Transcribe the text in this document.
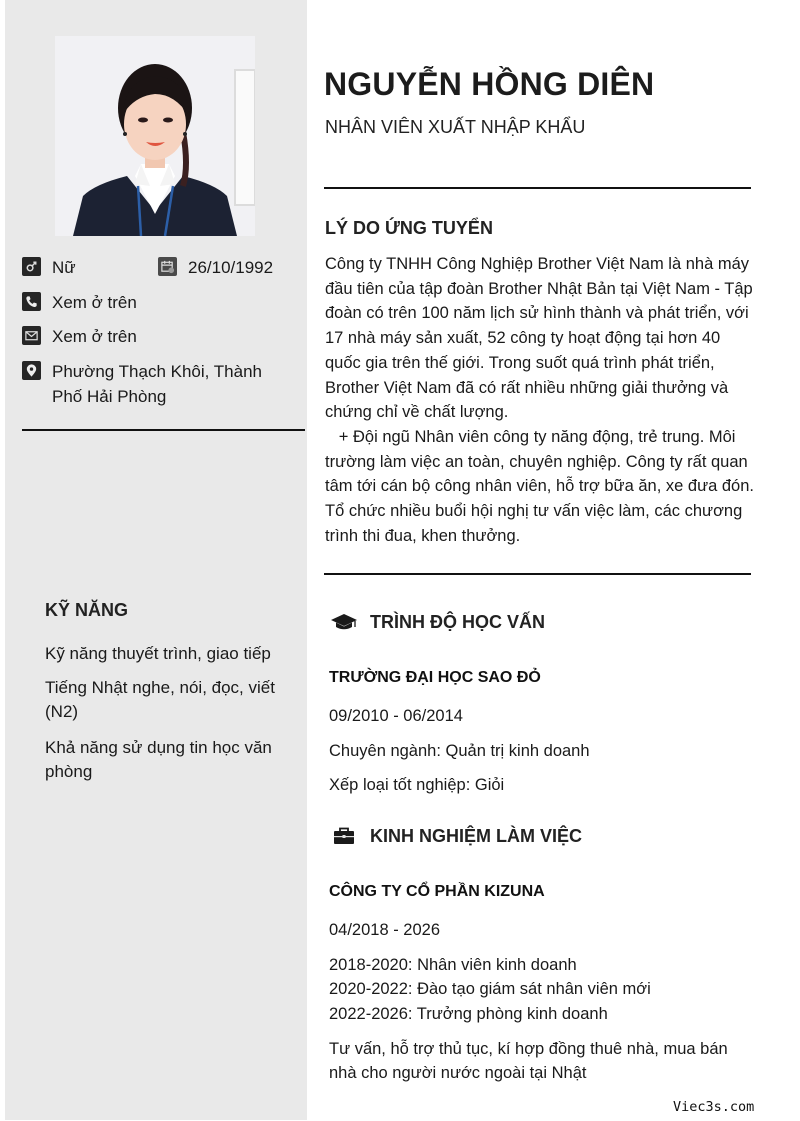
Nữ	26/10/1992
Xem ở trên
Xem ở trên
Phường Thạch Khôi, Thành Phố Hải Phòng
KỸ NĂNG
Kỹ năng thuyết trình, giao tiếp
Tiếng Nhật nghe, nói, đọc, viết (N2)
Khả năng sử dụng tin học văn phòng
NGUYỄN HỒNG DIÊN
NHÂN VIÊN XUẤT NHẬP KHẨU
LÝ DO ỨNG TUYỂN
Công ty TNHH Công Nghiệp Brother Việt Nam là nhà máy đầu tiên của tập đoàn Brother Nhật Bản tại Việt Nam - Tập đoàn có trên 100 năm lịch sử hình thành và phát triển, với 17 nhà máy sản xuất, 52 công ty hoạt động tại hơn 40 quốc gia trên thế giới. Trong suốt quá trình phát triển, Brother Việt Nam đã có rất nhiều những giải thưởng và chứng chỉ về chất lượng.
+ Đội ngũ Nhân viên công ty năng động, trẻ trung. Môi trường làm việc an toàn, chuyên nghiệp. Công ty rất quan tâm tới cán bộ công nhân viên, hỗ trợ bữa ăn, xe đưa đón. Tổ chức nhiều buổi hội nghị tư vấn việc làm, các chương trình thi đua, khen thưởng.
TRÌNH ĐỘ HỌC VẤN
TRƯỜNG ĐẠI HỌC SAO ĐỎ
09/2010 - 06/2014
Chuyên ngành: Quản trị kinh doanh
Xếp loại tốt nghiệp: Giỏi
KINH NGHIỆM LÀM VIỆC
CÔNG TY CỔ PHẦN KIZUNA
04/2018 - 2026
2018-2020: Nhân viên kinh doanh
2020-2022: Đào tạo giám sát nhân viên mới
2022-2026: Trưởng phòng kinh doanh
Tư vấn, hỗ trợ thủ tục, kí hợp đồng thuê nhà, mua bán nhà cho người nước ngoài tại Nhật
Viec3s.com
